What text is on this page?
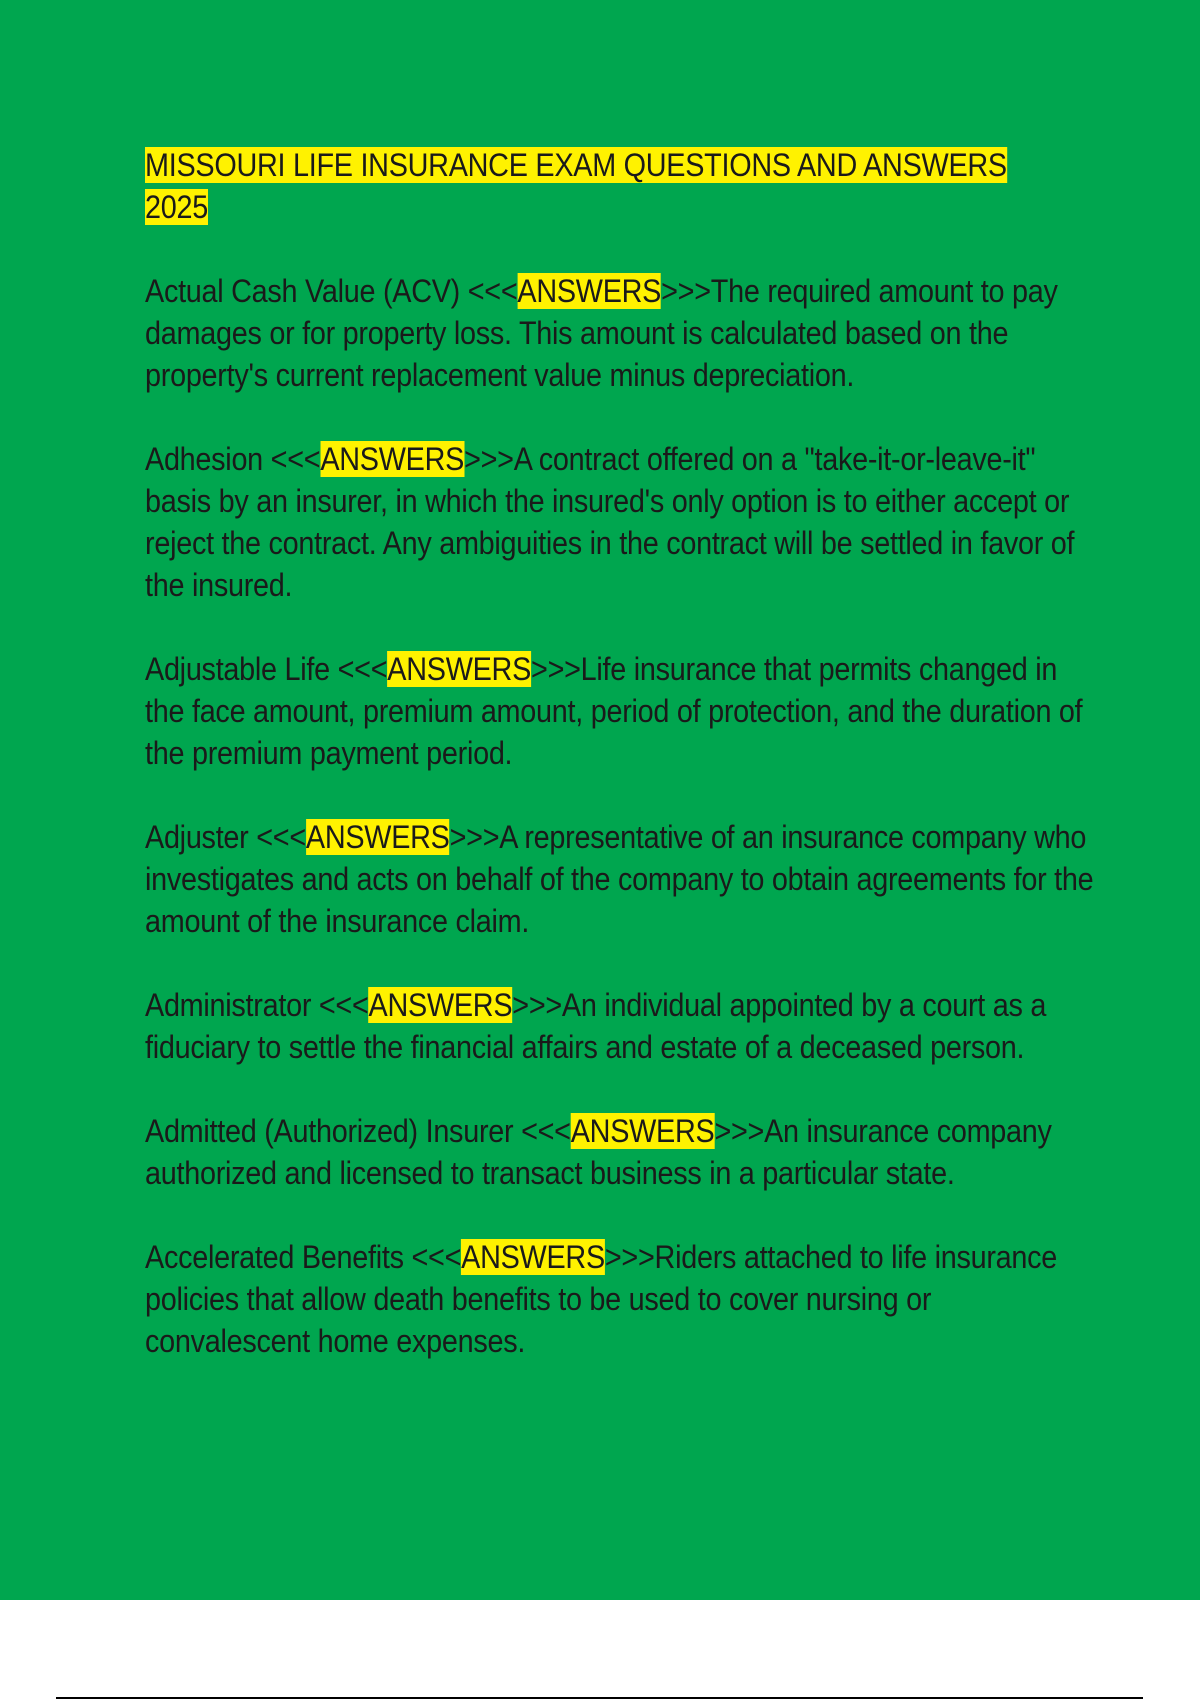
MISSOURI LIFE INSURANCE EXAM QUESTIONS AND ANSWERS
2025
Actual Cash Value (ACV) <<<ANSWERS>>>The required amount to pay damages or for property loss. This amount is calculated based on the property's current replacement value minus depreciation.
Adhesion <<<ANSWERS>>>A contract offered on a "take-it-or-leave-it" basis by an insurer, in which the insured's only option is to either accept or reject the contract. Any ambiguities in the contract will be settled in favor of the insured.
Adjustable Life <<<ANSWERS>>>Life insurance that permits changed in the face amount, premium amount, period of protection, and the duration of the premium payment period.
Adjuster <<<ANSWERS>>>A representative of an insurance company who investigates and acts on behalf of the company to obtain agreements for the amount of the insurance claim.
Administrator <<<ANSWERS>>>An individual appointed by a court as a fiduciary to settle the financial affairs and estate of a deceased person.
Admitted (Authorized) Insurer <<<ANSWERS>>>An insurance company authorized and licensed to transact business in a particular state.
Accelerated Benefits <<<ANSWERS>>>Riders attached to life insurance policies that allow death benefits to be used to cover nursing or convalescent home expenses.
